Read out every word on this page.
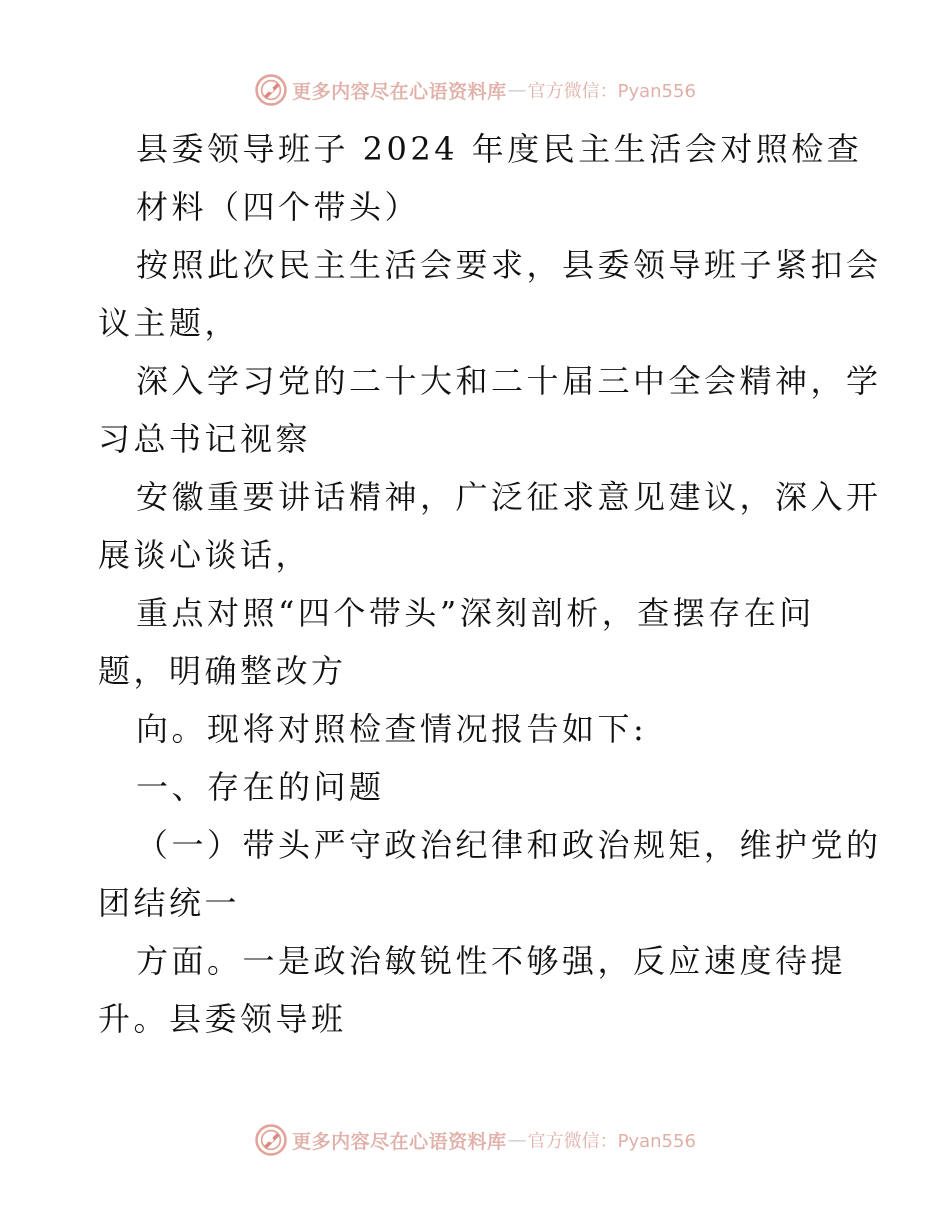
更多内容尽在心语资料库 — 官方微信：Pyan556
县委领导班子 2024 年度民主生活会对照检查
材料（四个带头）
按照此次民主生活会要求，县委领导班子紧扣会
议主题，
深入学习党的二十大和二十届三中全会精神，学
习总书记视察
安徽重要讲话精神，广泛征求意见建议，深入开
展谈心谈话，
重点对照“四个带头”深刻剖析，查摆存在问
题，明确整改方
向。现将对照检查情况报告如下:
一、存在的问题
（一）带头严守政治纪律和政治规矩，维护党的
团结统一
方面。一是政治敏锐性不够强，反应速度待提
升。县委领导班
更多内容尽在心语资料库 — 官方微信：Pyan556
